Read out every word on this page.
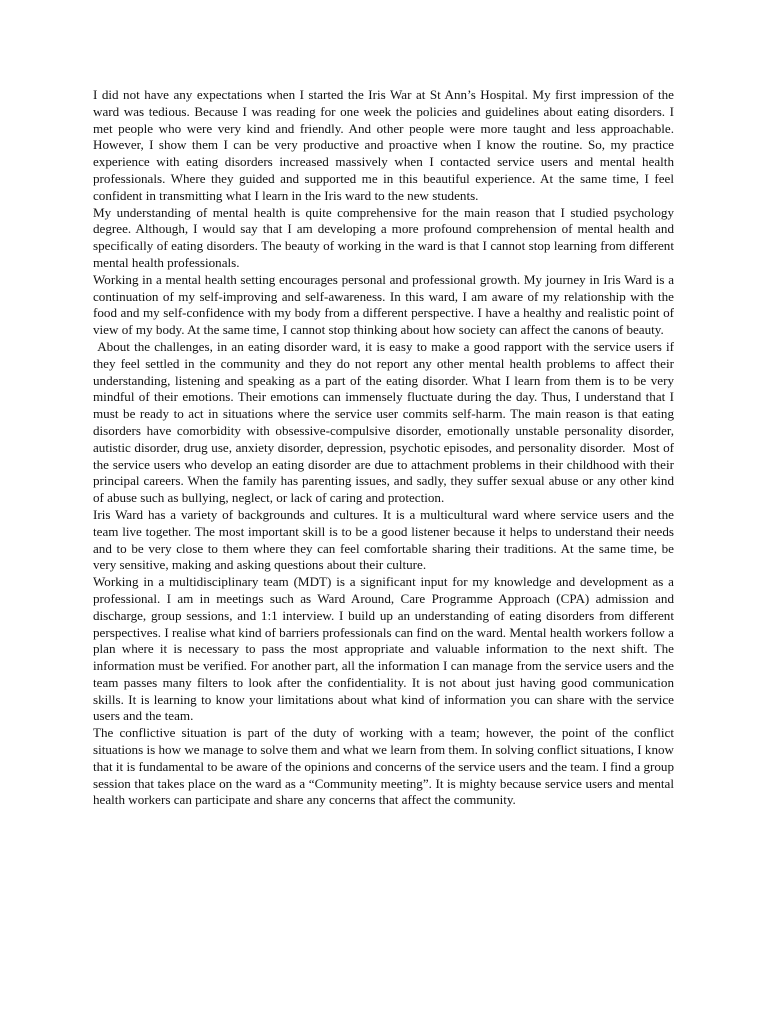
I did not have any expectations when I started the Iris War at St Ann’s Hospital. My first impression of the ward was tedious. Because I was reading for one week the policies and guidelines about eating disorders. I met people who were very kind and friendly. And other people were more taught and less approachable. However, I show them I can be very productive and proactive when I know the routine. So, my practice experience with eating disorders increased massively when I contacted service users and mental health professionals. Where they guided and supported me in this beautiful experience. At the same time, I feel confident in transmitting what I learn in the Iris ward to the new students.

My understanding of mental health is quite comprehensive for the main reason that I studied psychology degree. Although, I would say that I am developing a more profound comprehension of mental health and specifically of eating disorders. The beauty of working in the ward is that I cannot stop learning from different mental health professionals.

Working in a mental health setting encourages personal and professional growth. My journey in Iris Ward is a continuation of my self-improving and self-awareness. In this ward, I am aware of my relationship with the food and my self-confidence with my body from a different perspective. I have a healthy and realistic point of view of my body. At the same time, I cannot stop thinking about how society can affect the canons of beauty.

About the challenges, in an eating disorder ward, it is easy to make a good rapport with the service users if they feel settled in the community and they do not report any other mental health problems to affect their understanding, listening and speaking as a part of the eating disorder. What I learn from them is to be very mindful of their emotions. Their emotions can immensely fluctuate during the day. Thus, I understand that I must be ready to act in situations where the service user commits self-harm. The main reason is that eating disorders have comorbidity with obsessive-compulsive disorder, emotionally unstable personality disorder, autistic disorder, drug use, anxiety disorder, depression, psychotic episodes, and personality disorder.  Most of the service users who develop an eating disorder are due to attachment problems in their childhood with their principal careers. When the family has parenting issues, and sadly, they suffer sexual abuse or any other kind of abuse such as bullying, neglect, or lack of caring and protection.

Iris Ward has a variety of backgrounds and cultures. It is a multicultural ward where service users and the team live together. The most important skill is to be a good listener because it helps to understand their needs and to be very close to them where they can feel comfortable sharing their traditions. At the same time, be very sensitive, making and asking questions about their culture.

Working in a multidisciplinary team (MDT) is a significant input for my knowledge and development as a professional. I am in meetings such as Ward Around, Care Programme Approach (CPA) admission and discharge, group sessions, and 1:1 interview. I build up an understanding of eating disorders from different perspectives. I realise what kind of barriers professionals can find on the ward. Mental health workers follow a plan where it is necessary to pass the most appropriate and valuable information to the next shift. The information must be verified. For another part, all the information I can manage from the service users and the team passes many filters to look after the confidentiality. It is not about just having good communication skills. It is learning to know your limitations about what kind of information you can share with the service users and the team.

The conflictive situation is part of the duty of working with a team; however, the point of the conflict situations is how we manage to solve them and what we learn from them. In solving conflict situations, I know that it is fundamental to be aware of the opinions and concerns of the service users and the team. I find a group session that takes place on the ward as a “Community meeting”. It is mighty because service users and mental health workers can participate and share any concerns that affect the community.
